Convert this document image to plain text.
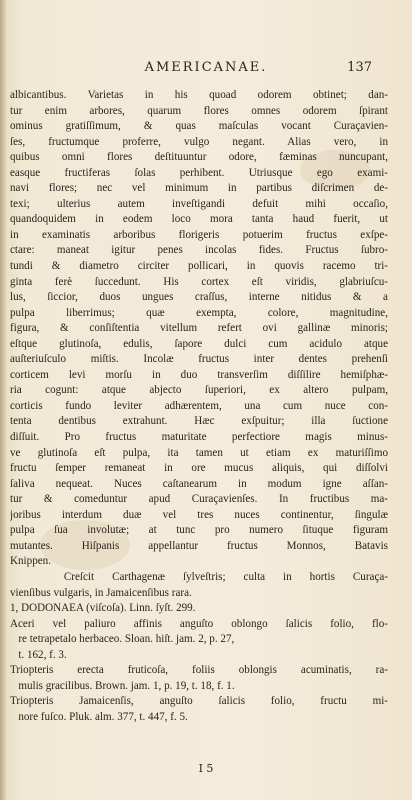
AMERICANAE.	137
albicantibus. Varietas in his quoad odorem obtinet; dan-
tur enim arbores, quarum flores omnes odorem ſpirant
ominus gratiſſimum, & quas maſculas vocant Curaçavien-
ſes, fructumque proferre, vulgo negant. Alias vero, in
quibus omni flores deſtituuntur odore, fæminas nuncupant,
easque fructiferas ſolas perhibent. Utriusque ego exami-
navi flores; nec vel minimum in partibus diſcrimen de-
texi; ulterius autem inveſtigandi defuit mihi occaſio,
quandoquidem in eodem loco mora tanta haud fuerit, ut
in examinatis arboribus florigeris potuerim fructus exſpe-
ctare: maneat igitur penes incolas fides. Fructus ſubro-
tundi & diametro circiter pollicari, in quovis racemo tri-
ginta ferè ſuccedunt. His cortex eſt viridis, glabriuſcu-
lus, ſiccior, duos ungues craſſus, interne nitidus & a
pulpa liberrimus; quæ exempta, colore, magnitudine,
figura, & conſiſtentia vitellum refert ovi gallinæ minoris;
eſtque glutinoſa, edulis, ſapore dulci cum acidulo atque
auſteriuſculo miſtis. Incolæ fructus inter dentes prehenſi
corticem levi morſu in duo transverſim diſſilire hemiſphæ-
ria cogunt: atque abjecto ſuperiori, ex altero pulpam,
corticis fundo leviter adhærentem, una cum nuce con-
tenta dentibus extrahunt. Hæc exſpuitur; illa ſuctione
diſſuit. Pro fructus maturitate perfectiore magis minus-
ve glutinoſa eſt pulpa, ita tamen ut etiam ex maturiſſimo
fructu ſemper remaneat in ore mucus aliquis, qui diſſolvi
ſaliva nequeat. Nuces caſtanearum in modum igne aſſan-
tur & comeduntur apud Curaçavienſes. In fructibus ma-
joribus interdum duæ vel tres nuces continentur, ſingulæ
pulpa ſua involutæ; at tunc pro numero ſituque figuram
mutantes. Hiſpanis appellantur fructus Monnos, Batavis
Knippen.
Creſcit Carthagenæ ſylveſtris; culta in hortis Curaça-
vienſibus vulgaris, in Jamaicenſibus rara.
1, DODONAEA (viſcoſa). Linn. ſyſt. 299.
Aceri vel paliuro affinis anguſto oblongo ſalicis folio, flo-
re tetrapetalo herbaceo. Sloan. hiſt. jam. 2, p. 27,
t. 162, f. 3.
Triopteris erecta fruticoſa, foliis oblongis acuminatis, ra-
mulis gracilibus. Brown. jam. 1, p. 19, t. 18, f. 1.
Triopteris Jamaicenſis, anguſto ſalicis folio, fructu mi-
nore fuſco. Pluk. alm. 377, t. 447, f. 5.
I 5
